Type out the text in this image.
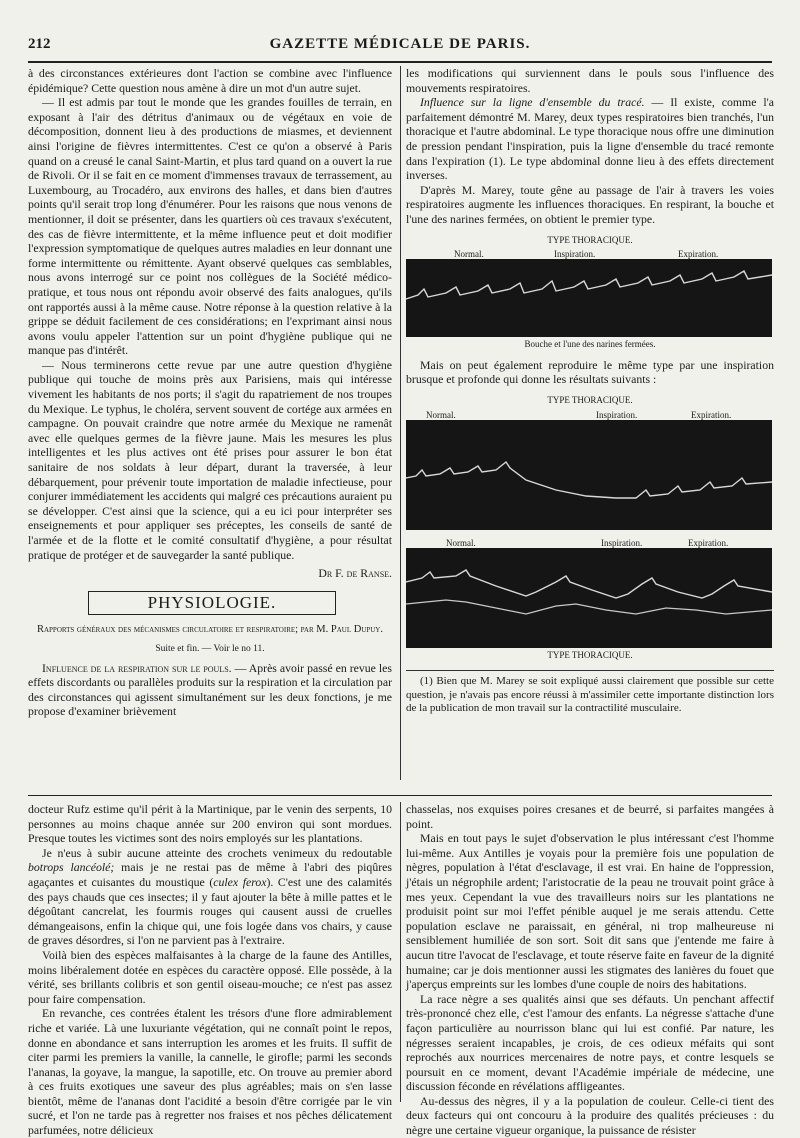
212	GAZETTE MÉDICALE DE PARIS.

à des circonstances extérieures dont l'action se combine avec l'influence épidémique? Cette question nous amène à dire un mot d'un autre sujet.

— Il est admis par tout le monde que les grandes fouilles de terrain, en exposant à l'air des détritus d'animaux ou de végétaux en voie de décomposition, donnent lieu à des productions de miasmes, et deviennent ainsi l'origine de fièvres intermittentes. C'est ce qu'on a observé à Paris quand on a creusé le canal Saint-Martin, et plus tard quand on a ouvert la rue de Rivoli. Or il se fait en ce moment d'immenses travaux de terrassement, au Luxembourg, au Trocadéro, aux environs des halles, et dans bien d'autres points qu'il serait trop long d'énumérer. Pour les raisons que nous venons de mentionner, il doit se présenter, dans les quartiers où ces travaux s'exécutent, des cas de fièvre intermittente, et la même influence peut et doit modifier l'expression symptomatique de quelques autres maladies en leur donnant une forme intermittente ou rémittente. Ayant observé quelques cas semblables, nous avons interrogé sur ce point nos collègues de la Société médico-pratique, et tous nous ont répondu avoir observé des faits analogues, qu'ils ont rapportés aussi à la même cause. Notre réponse à la question relative à la grippe se déduit facilement de ces considérations; en l'exprimant ainsi nous avons voulu appeler l'attention sur un point d'hygiène publique qui ne manque pas d'intérêt.

— Nous terminerons cette revue par une autre question d'hygiène publique qui touche de moins près aux Parisiens, mais qui intéresse vivement les habitants de nos ports; il s'agit du rapatriement de nos troupes du Mexique. Le typhus, le choléra, servent souvent de cortége aux armées en campagne. On pouvait craindre que notre armée du Mexique ne ramenât avec elle quelques germes de la fièvre jaune. Mais les mesures les plus intelligentes et les plus actives ont été prises pour assurer le bon état sanitaire de nos soldats à leur départ, durant la traversée, à leur débarquement, pour prévenir toute importation de maladie infectieuse, pour conjurer immédiatement les accidents qui malgré ces précautions auraient pu se développer. C'est ainsi que la science, qui a eu ici pour interpréter ses enseignements et pour appliquer ses préceptes, les conseils de santé de l'armée et de la flotte et le comité consultatif d'hygiène, a pour résultat pratique de protéger et de sauvegarder la santé publique.

Dr F. de Ranse.

PHYSIOLOGIE.

Rapports généraux des mécanismes circulatoire et respiratoire; par M. Paul Dupuy.

Suite et fin. — Voir le no 11.

Influence de la respiration sur le pouls. — Après avoir passé en revue les effets discordants ou parallèles produits sur la respiration et la circulation par des circonstances qui agissent simultanément sur les deux fonctions, je me propose d'examiner brièvement

les modifications qui surviennent dans le pouls sous l'influence des mouvements respiratoires.

Influence sur la ligne d'ensemble du tracé. — Il existe, comme l'a parfaitement démontré M. Marey, deux types respiratoires bien tranchés, l'un thoracique et l'autre abdominal. Le type thoracique nous offre une diminution de pression pendant l'inspiration, puis la ligne d'ensemble du tracé remonte dans l'expiration (1). Le type abdominal donne lieu à des effets directement inverses.

D'après M. Marey, toute gêne au passage de l'air à travers les voies respiratoires augmente les influences thoraciques. En respirant, la bouche et l'une des narines fermées, on obtient le premier type.

TYPE THORACIQUE.
Normal.	Inspiration.	Expiration.
Bouche et l'une des narines fermées.

Mais on peut également reproduire le même type par une inspiration brusque et profonde qui donne les résultats suivants :

TYPE THORACIQUE.
Normal.	Inspiration.	Expiration.
Normal.	Inspiration.	Expiration.
TYPE THORACIQUE.

(1) Bien que M. Marey se soit expliqué aussi clairement que possible sur cette question, je n'avais pas encore réussi à m'assimiler cette importante distinction lors de la publication de mon travail sur la contractilité musculaire.

docteur Rufz estime qu'il périt à la Martinique, par le venin des serpents, 10 personnes au moins chaque année sur 200 environ qui sont mordues. Presque toutes les victimes sont des noirs employés sur les plantations.

Je n'eus à subir aucune atteinte des crochets venimeux du redoutable botrops lancéolé; mais je ne restai pas de même à l'abri des piqûres agaçantes et cuisantes du moustique (culex ferox). C'est une des calamités des pays chauds que ces insectes; il y faut ajouter la bête à mille pattes et le dégoûtant cancrelat, les fourmis rouges qui causent aussi de cruelles démangeaisons, enfin la chique qui, une fois logée dans vos chairs, y cause de graves désordres, si l'on ne parvient pas à l'extraire.

Voilà bien des espèces malfaisantes à la charge de la faune des Antilles, moins libéralement dotée en espèces du caractère opposé. Elle possède, à la vérité, ses brillants colibris et son gentil oiseau-mouche; ce n'est pas assez pour faire compensation.

En revanche, ces contrées étalent les trésors d'une flore admirablement riche et variée. Là une luxuriante végétation, qui ne connaît point le repos, donne en abondance et sans interruption les aromes et les fruits. Il suffit de citer parmi les premiers la vanille, la cannelle, le girofle; parmi les seconds l'ananas, la goyave, la mangue, la sapotille, etc. On trouve au premier abord à ces fruits exotiques une saveur des plus agréables; mais on s'en lasse bientôt, même de l'ananas dont l'acidité a besoin d'être corrigée par le vin sucré, et l'on ne tarde pas à regretter nos fraises et nos pêches délicatement parfumées, notre délicieux

chasselas, nos exquises poires cresanes et de beurré, si parfaites mangées à point.

Mais en tout pays le sujet d'observation le plus intéressant c'est l'homme lui-même. Aux Antilles je voyais pour la première fois une population de nègres, population à l'état d'esclavage, il est vrai. En haine de l'oppression, j'étais un négrophile ardent; l'aristocratie de la peau ne trouvait point grâce à mes yeux. Cependant la vue des travailleurs noirs sur les plantations ne produisit point sur moi l'effet pénible auquel je me serais attendu. Cette population esclave ne paraissait, en général, ni trop malheureuse ni sensiblement humiliée de son sort. Soit dit sans que j'entende me faire à aucun titre l'avocat de l'esclavage, et toute réserve faite en faveur de la dignité humaine; car je dois mentionner aussi les stigmates des lanières du fouet que j'aperçus empreints sur les lombes d'une couple de noirs des habitations.

La race nègre a ses qualités ainsi que ses défauts. Un penchant affectif très-prononcé chez elle, c'est l'amour des enfants. La négresse s'attache d'une façon particulière au nourrisson blanc qui lui est confié. Par nature, les négresses seraient incapables, je crois, de ces odieux méfaits qui sont reprochés aux nourrices mercenaires de notre pays, et contre lesquels se poursuit en ce moment, devant l'Académie impériale de médecine, une discussion féconde en révélations affligeantes.

Au-dessus des nègres, il y a la population de couleur. Celle-ci tient des deux facteurs qui ont concouru à la produire des qualités précieuses : du nègre une certaine vigueur organique, la puissance de résister
